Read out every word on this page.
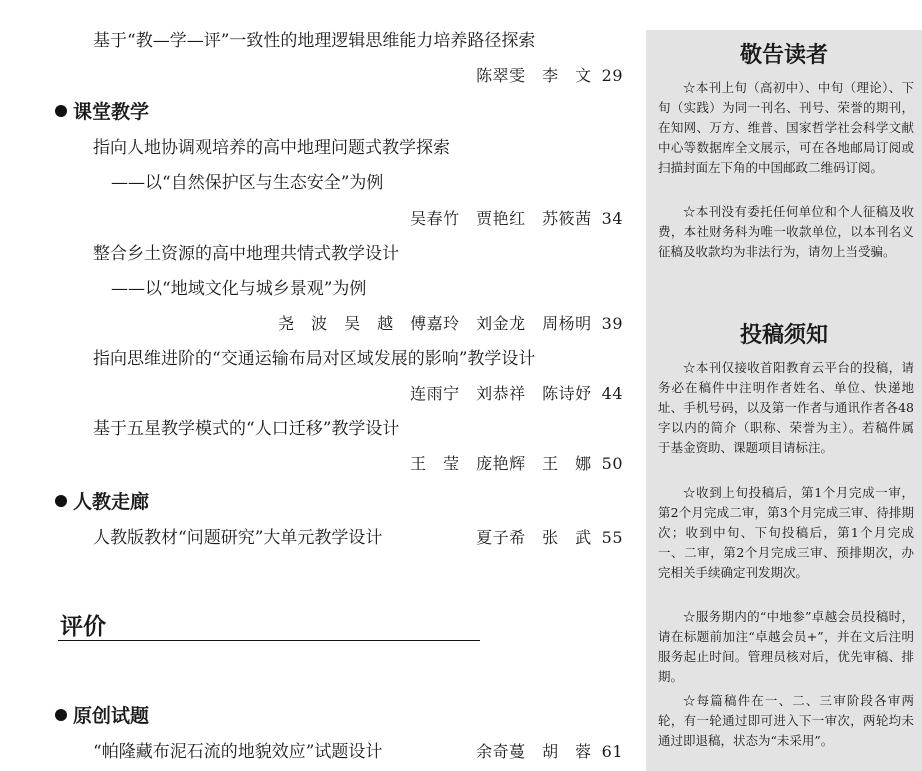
基于“教—学—评”一致性的地理逻辑思维能力培养路径探索
陈翠雯　李　文 29
课堂教学
指向人地协调观培养的高中地理问题式教学探索
——以“自然保护区与生态安全”为例
吴春竹　贾艳红　苏筱茜 34
整合乡土资源的高中地理共情式教学设计
——以“地域文化与城乡景观”为例
尧　波　吴　越　傅嘉玲　刘金龙　周杨明 39
指向思维进阶的“交通运输布局对区域发展的影响”教学设计
连雨宁　刘恭祥　陈诗妤 44
基于五星教学模式的“人口迁移”教学设计
王　莹　庞艳辉　王　娜 50
人教走廊
人教版教材“问题研究”大单元教学设计	夏子希　张　武 55
评价
原创试题
“帕隆藏布泥石流的地貌效应”试题设计	余奇蔓　胡　蓉 61
敬告读者

☆本刊上旬（高初中）、中旬（理论）、下旬（实践）为同一刊名、刊号、荣誉的期刊，在知网、万方、维普、国家哲学社会科学文献中心等数据库全文展示，可在各地邮局订阅或扫描封面左下角的中国邮政二维码订阅。

☆本刊没有委托任何单位和个人征稿及收费，本社财务科为唯一收款单位，以本刊名义征稿及收款均为非法行为，请勿上当受骗。

投稿须知

☆本刊仅接收首阳教育云平台的投稿，请务必在稿件中注明作者姓名、单位、快递地址、手机号码，以及第一作者与通讯作者各48字以内的简介（职称、荣誉为主）。若稿件属于基金资助、课题项目请标注。

☆收到上旬投稿后，第1个月完成一审，第2个月完成二审，第3个月完成三审、待排期次；收到中旬、下旬投稿后，第1个月完成一、二审，第2个月完成三审、预排期次，办完相关手续确定刊发期次。

☆服务期内的“中地参”卓越会员投稿时，请在标题前加注“卓越会员+”，并在文后注明服务起止时间。管理员核对后，优先审稿、排期。

☆每篇稿件在一、二、三审阶段各审两轮，有一轮通过即可进入下一审次，两轮均未通过即退稿，状态为“未采用”。
